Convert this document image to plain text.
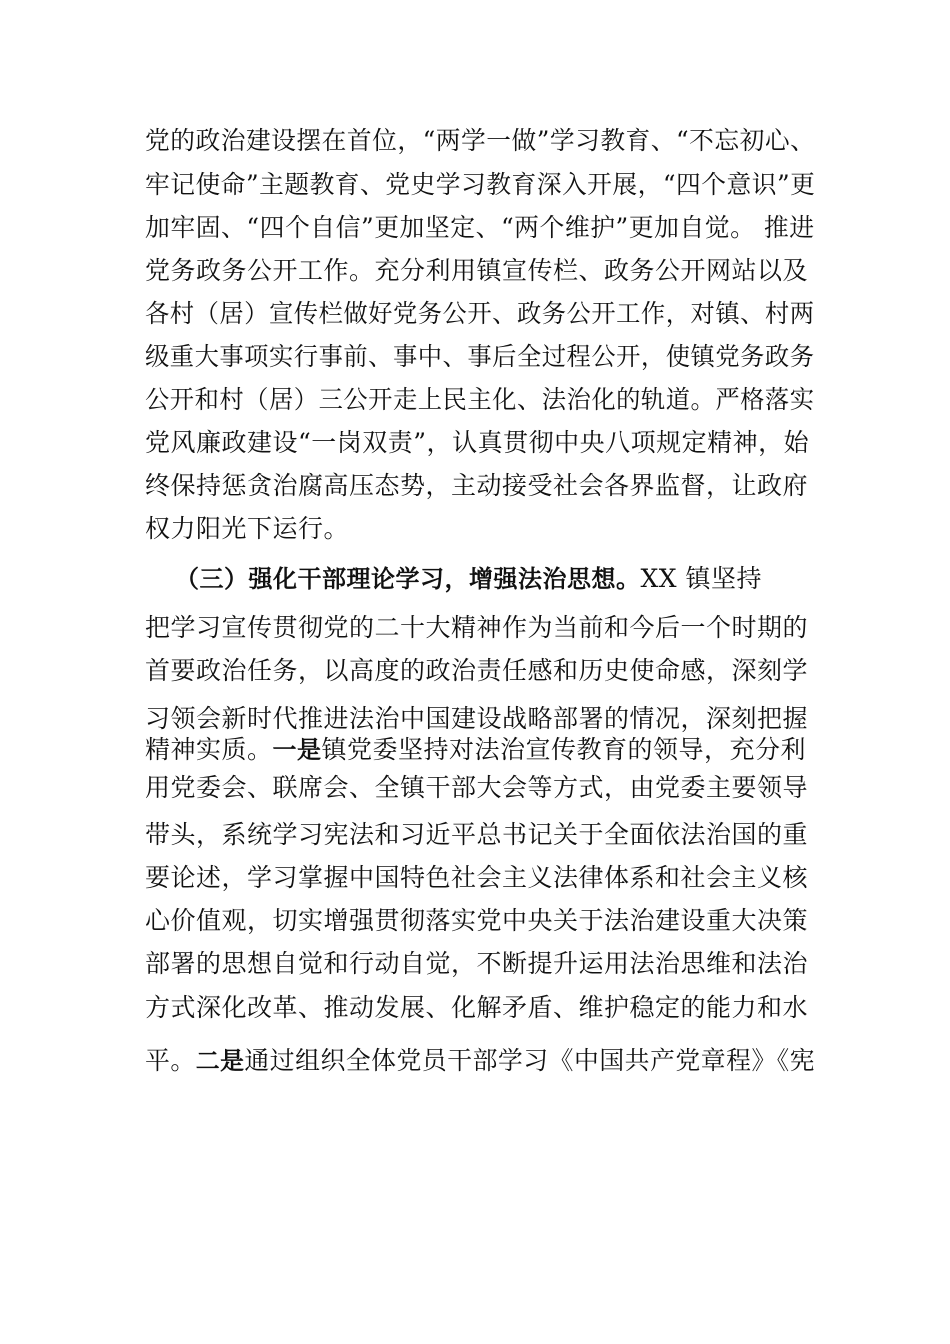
党的政治建设摆在首位，“两学一做”学习教育、“不忘初心、
牢记使命”主题教育、党史学习教育深入开展，“四个意识”更
加牢固、“四个自信”更加坚定、“两个维护”更加自觉。 推进
党务政务公开工作。充分利用镇宣传栏、政务公开网站以及
各村（居）宣传栏做好党务公开、政务公开工作，对镇、村两
级重大事项实行事前、事中、事后全过程公开，使镇党务政务
公开和村（居）三公开走上民主化、法治化的轨道。严格落实
党风廉政建设“一岗双责”，认真贯彻中央八项规定精神，始
终保持惩贪治腐高压态势，主动接受社会各界监督，让政府
权力阳光下运行。
（三）强化干部理论学习，增强法治思想。XX 镇坚持
把学习宣传贯彻党的二十大精神作为当前和今后一个时期的
首要政治任务，以高度的政治责任感和历史使命感，深刻学
习领会新时代推进法治中国建设战略部署的情况，深刻把握
精神实质。一是镇党委坚持对法治宣传教育的领导，充分利
用党委会、联席会、全镇干部大会等方式，由党委主要领导
带头，系统学习宪法和习近平总书记关于全面依法治国的重
要论述，学习掌握中国特色社会主义法律体系和社会主义核
心价值观，切实增强贯彻落实党中央关于法治建设重大决策
部署的思想自觉和行动自觉，不断提升运用法治思维和法治
方式深化改革、推动发展、化解矛盾、维护稳定的能力和水
平。二是通过组织全体党员干部学习《中国共产党章程》《宪
